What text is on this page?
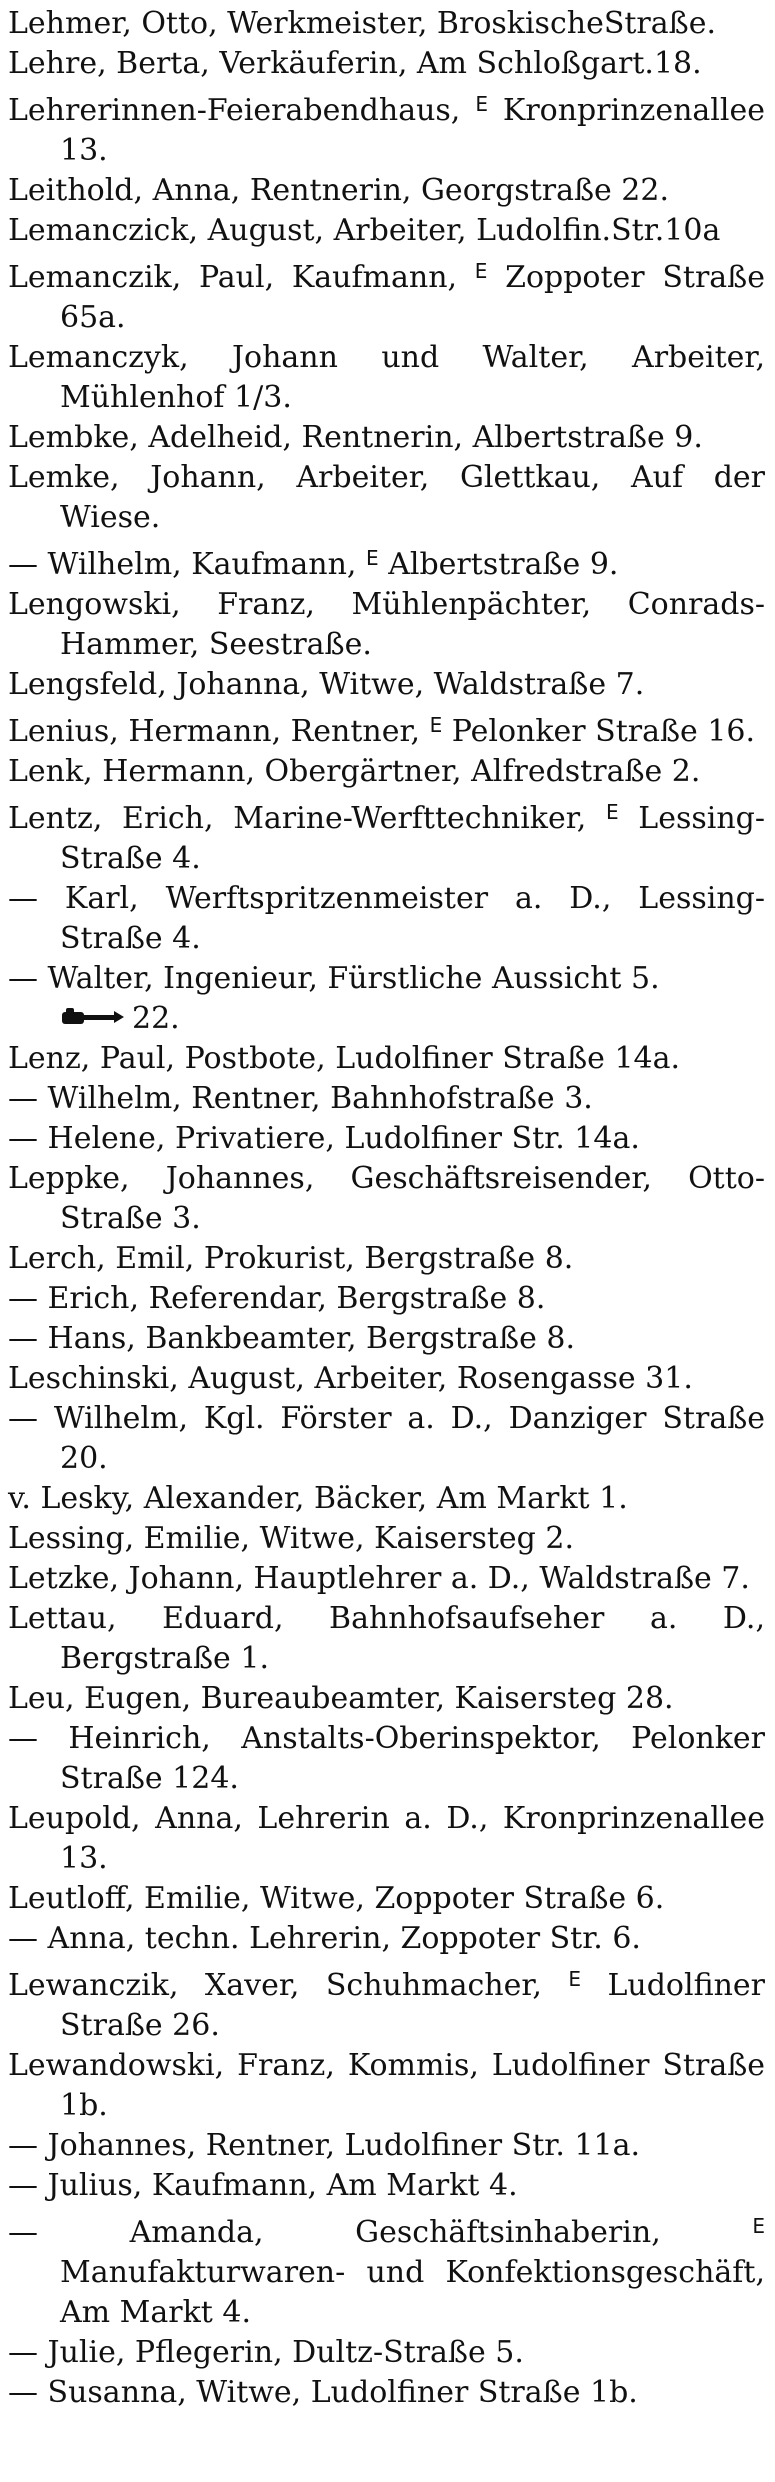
Lehmer, Otto, Werkmeister, BroskischeStraße.

Lehre, Berta, Verkäuferin, Am Schloßgart.18.

Lehrerinnen-Feierabendhaus, $^E$ Kronprinzenallee 13.

Leithold, Anna, Rentnerin, Georgstraße 22.

Lemanczick, August, Arbeiter, Ludolfin.Str.10a

Lemanczik, Paul, Kaufmann, $^E$ Zoppoter Straße 65a.

Lemanczyk, Johann und Walter, Arbeiter, Mühlenhof 1/3.

Lembke, Adelheid, Rentnerin, Albertstraße 9.

Lemke, Johann, Arbeiter, Glettkau, Auf der Wiese.

— Wilhelm, Kaufmann, $^E$ Albertstraße 9.

Lengowski, Franz, Mühlenpächter, Conrads-Hammer, Seestraße.

Lengsfeld, Johanna, Witwe, Waldstraße 7.

Lenius, Hermann, Rentner, $^E$ Pelonker Straße 16.

Lenk, Hermann, Obergärtner, Alfredstraße 2.

Lentz, Erich, Marine-Werfttechniker, $^E$ Lessing-Straße 4.

— Karl, Werftspritzenmeister a. D., Lessing-Straße 4.

— Walter, Ingenieur, Fürstliche Aussicht 5.
22.

Lenz, Paul, Postbote, Ludolfiner Straße 14a.

— Wilhelm, Rentner, Bahnhofstraße 3.

— Helene, Privatiere, Ludolfiner Str. 14a.

Leppke, Johannes, Geschäftsreisender, Otto-Straße 3.

Lerch, Emil, Prokurist, Bergstraße 8.

— Erich, Referendar, Bergstraße 8.

— Hans, Bankbeamter, Bergstraße 8.

Leschinski, August, Arbeiter, Rosengasse 31.

— Wilhelm, Kgl. Förster a. D., Danziger Straße 20.

v. Lesky, Alexander, Bäcker, Am Markt 1.

Lessing, Emilie, Witwe, Kaisersteg 2.

Letzke, Johann, Hauptlehrer a. D., Waldstraße 7.

Lettau, Eduard, Bahnhofsaufseher a. D., Bergstraße 1.

Leu, Eugen, Bureaubeamter, Kaisersteg 28.

— Heinrich, Anstalts-Oberinspektor, Pelonker Straße 124.

Leupold, Anna, Lehrerin a. D., Kronprinzenallee 13.

Leutloff, Emilie, Witwe, Zoppoter Straße 6.

— Anna, techn. Lehrerin, Zoppoter Str. 6.

Lewanczik, Xaver, Schuhmacher, $^E$ Ludolfiner Straße 26.

Lewandowski, Franz, Kommis, Ludolfiner Straße 1b.

— Johannes, Rentner, Ludolfiner Str. 11a.

— Julius, Kaufmann, Am Markt 4.

— Amanda, Geschäftsinhaberin,	$^E$ Manufakturwaren- und Konfektionsgeschäft, Am Markt 4.

— Julie, Pflegerin, Dultz-Straße 5.

— Susanna, Witwe, Ludolfiner Straße 1b.
